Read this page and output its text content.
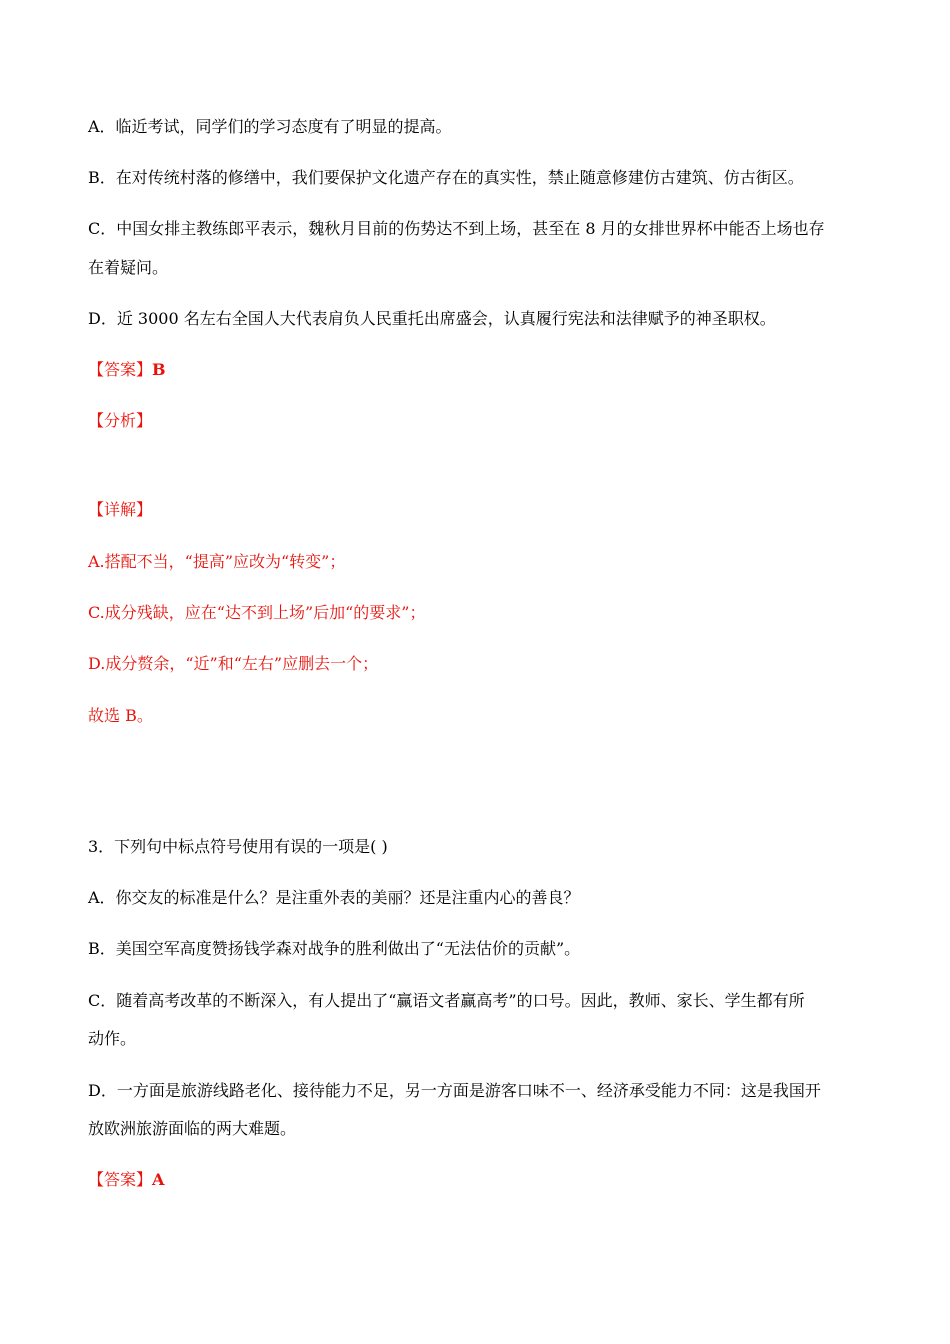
A．临近考试，同学们的学习态度有了明显的提高。
B．在对传统村落的修缮中，我们要保护文化遗产存在的真实性，禁止随意修建仿古建筑、仿古街区。
C．中国女排主教练郎平表示，魏秋月目前的伤势达不到上场，甚至在 8 月的女排世界杯中能否上场也存
在着疑问。
D．近 3000 名左右全国人大代表肩负人民重托出席盛会，认真履行宪法和法律赋予的神圣职权。
【答案】B
【分析】
【详解】
A.搭配不当，“提高”应改为“转变”；
C.成分残缺，应在“达不到上场”后加“的要求”；
D.成分赘余，“近”和“左右”应删去一个；
故选 B。
3．下列句中标点符号使用有误的一项是( )
A．你交友的标准是什么？是注重外表的美丽？还是注重内心的善良？
B．美国空军高度赞扬钱学森对战争的胜利做出了“无法估价的贡献”。
C．随着高考改革的不断深入，有人提出了“赢语文者赢高考”的口号。因此，教师、家长、学生都有所
动作。
D．一方面是旅游线路老化、接待能力不足，另一方面是游客口味不一、经济承受能力不同：这是我国开
放欧洲旅游面临的两大难题。
【答案】A
